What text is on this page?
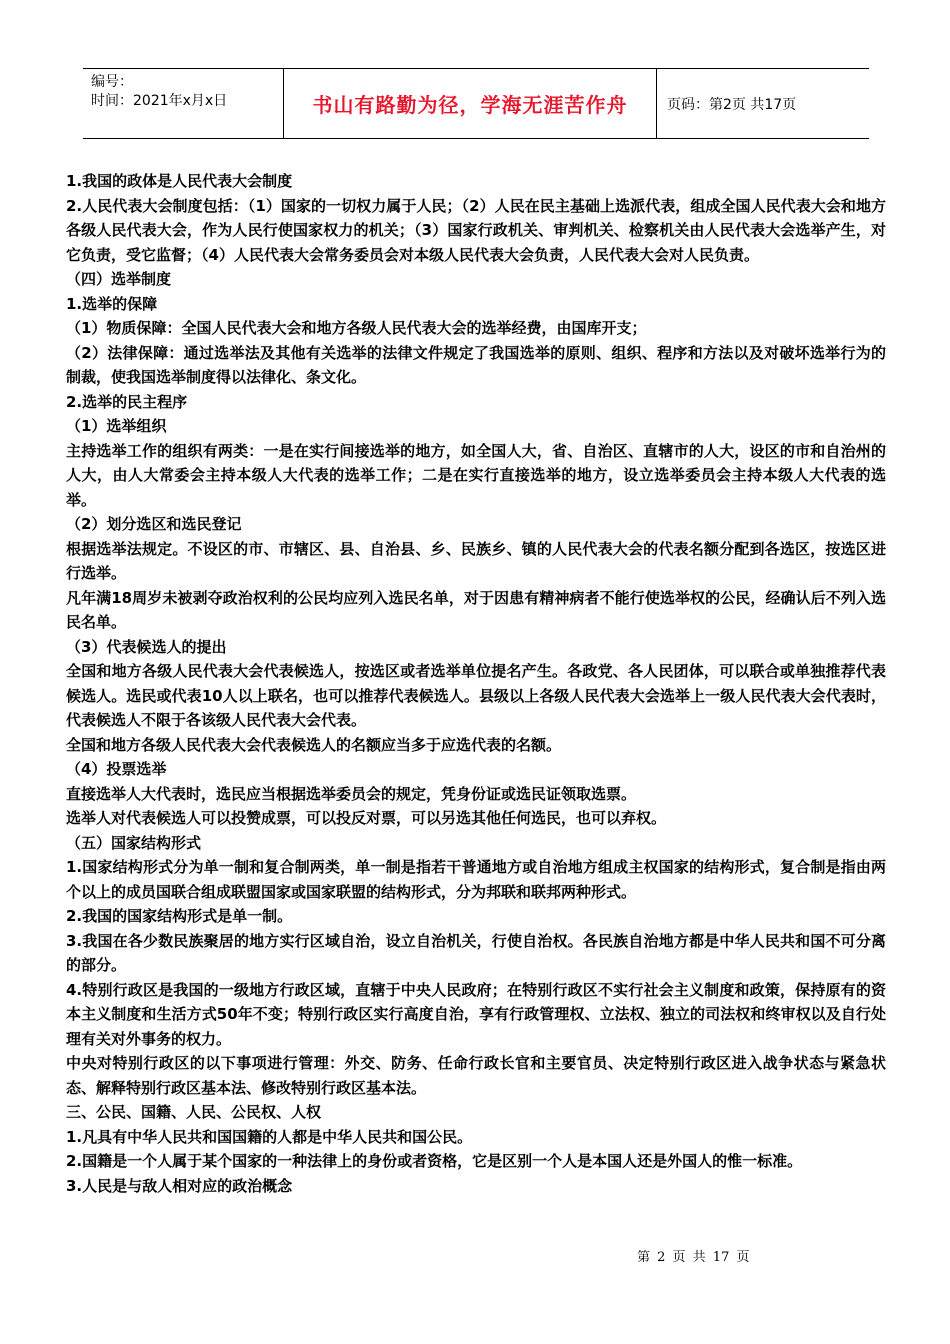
编号：
时间：2021年x月x日	书山有路勤为径，学海无涯苦作舟	页码：第2页 共17页

1.我国的政体是人民代表大会制度

2.人民代表大会制度包括：（1）国家的一切权力属于人民；（2）人民在民主基础上选派代表，组成全国人民代表大会和地方各级人民代表大会，作为人民行使国家权力的机关；（3）国家行政机关、审判机关、检察机关由人民代表大会选举产生，对它负责，受它监督；（4）人民代表大会常务委员会对本级人民代表大会负责，人民代表大会对人民负责。

（四）选举制度

1.选举的保障

（1）物质保障：全国人民代表大会和地方各级人民代表大会的选举经费，由国库开支；

（2）法律保障：通过选举法及其他有关选举的法律文件规定了我国选举的原则、组织、程序和方法以及对破坏选举行为的制裁，使我国选举制度得以法律化、条文化。

2.选举的民主程序

（1）选举组织

主持选举工作的组织有两类：一是在实行间接选举的地方，如全国人大，省、自治区、直辖市的人大，设区的市和自治州的人大，由人大常委会主持本级人大代表的选举工作；二是在实行直接选举的地方，设立选举委员会主持本级人大代表的选举。

（2）划分选区和选民登记

根据选举法规定。不设区的市、市辖区、县、自治县、乡、民族乡、镇的人民代表大会的代表名额分配到各选区，按选区进行选举。

凡年满18周岁未被剥夺政治权利的公民均应列入选民名单，对于因患有精神病者不能行使选举权的公民，经确认后不列入选民名单。

（3）代表候选人的提出

全国和地方各级人民代表大会代表候选人，按选区或者选举单位提名产生。各政党、各人民团体，可以联合或单独推荐代表候选人。选民或代表10人以上联名，也可以推荐代表候选人。县级以上各级人民代表大会选举上一级人民代表大会代表时，代表候选人不限于各该级人民代表大会代表。

全国和地方各级人民代表大会代表候选人的名额应当多于应选代表的名额。

（4）投票选举

直接选举人大代表时，选民应当根据选举委员会的规定，凭身份证或选民证领取选票。

选举人对代表候选人可以投赞成票，可以投反对票，可以另选其他任何选民，也可以弃权。

（五）国家结构形式

1.国家结构形式分为单一制和复合制两类，单一制是指若干普通地方或自治地方组成主权国家的结构形式，复合制是指由两个以上的成员国联合组成联盟国家或国家联盟的结构形式，分为邦联和联邦两种形式。

2.我国的国家结构形式是单一制。

3.我国在各少数民族聚居的地方实行区域自治，设立自治机关，行使自治权。各民族自治地方都是中华人民共和国不可分离的部分。

4.特别行政区是我国的一级地方行政区域，直辖于中央人民政府；在特别行政区不实行社会主义制度和政策，保持原有的资本主义制度和生活方式50年不变；特别行政区实行高度自治，享有行政管理权、立法权、独立的司法权和终审权以及自行处理有关对外事务的权力。

中央对特别行政区的以下事项进行管理：外交、防务、任命行政长官和主要官员、决定特别行政区进入战争状态与紧急状态、解释特别行政区基本法、修改特别行政区基本法。

三、公民、国籍、人民、公民权、人权

1.凡具有中华人民共和国国籍的人都是中华人民共和国公民。

2.国籍是一个人属于某个国家的一种法律上的身份或者资格，它是区别一个人是本国人还是外国人的惟一标准。

3.人民是与敌人相对应的政治概念

第 2 页 共 17 页
